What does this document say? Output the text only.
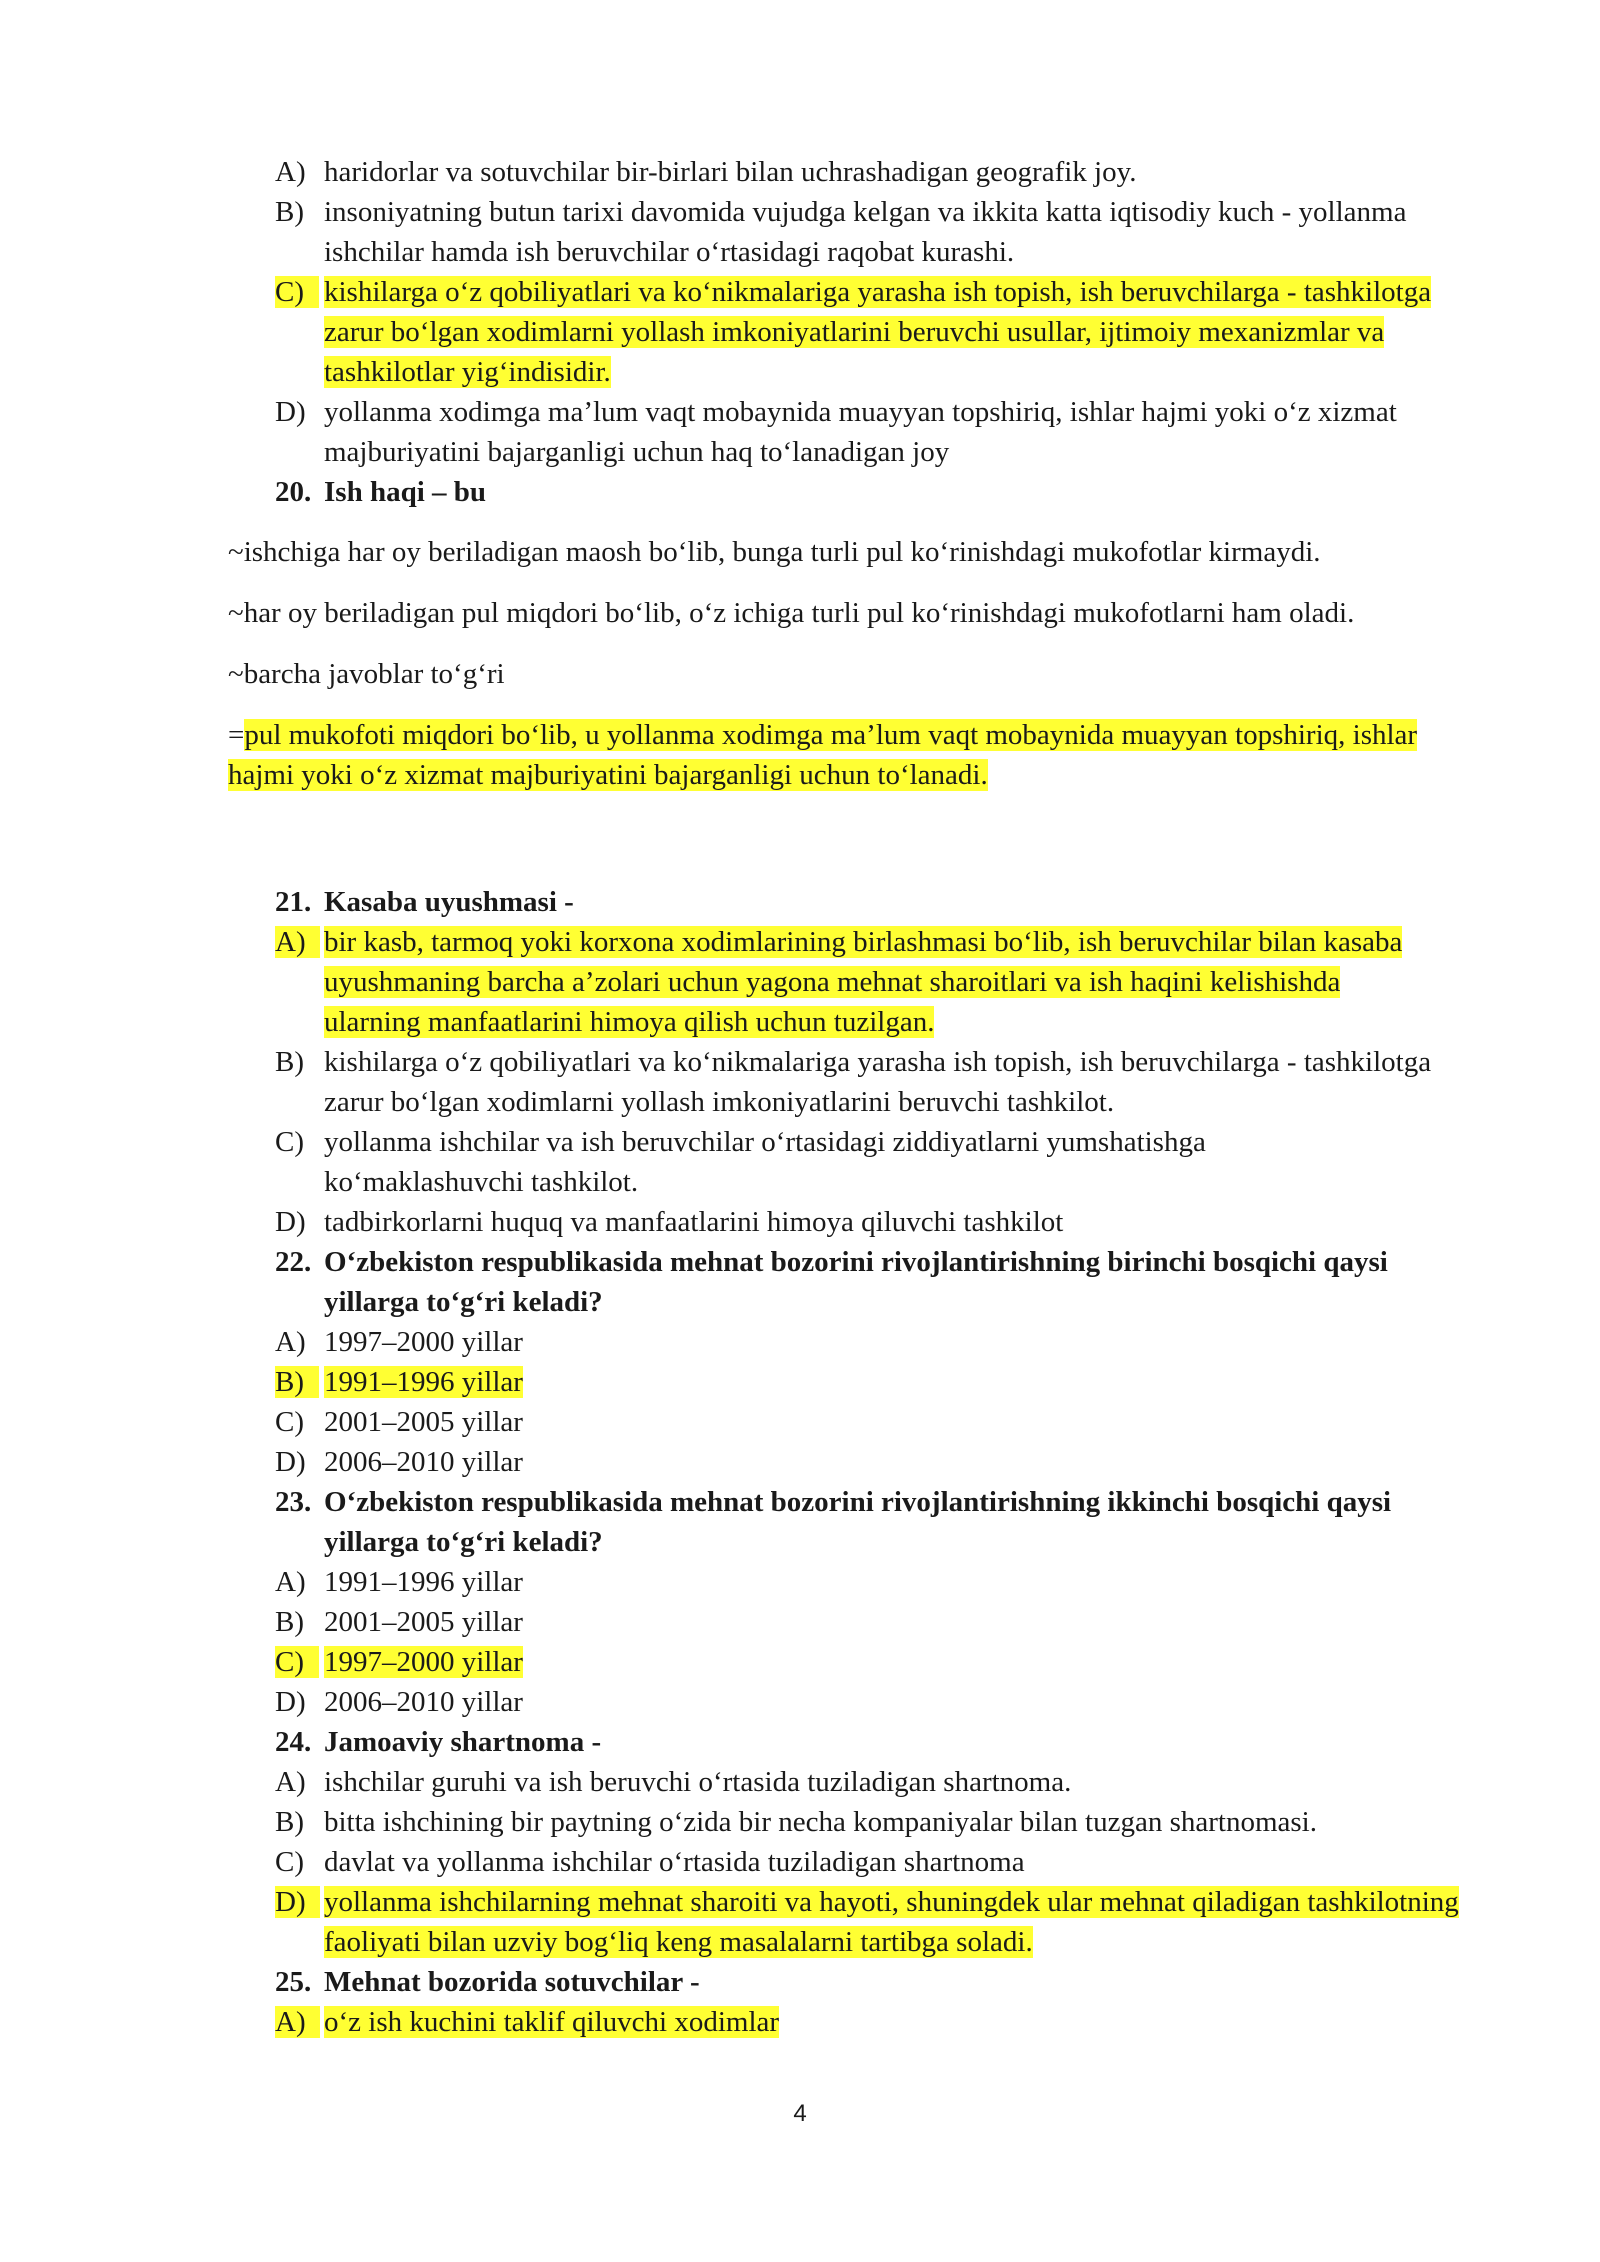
A) haridorlar va sotuvchilar bir-birlari bilan uchrashadigan geografik joy.
B) insoniyatning butun tarixi davomida vujudga kelgan va ikkita katta iqtisodiy kuch - yollanma ishchilar hamda ish beruvchilar oʻrtasidagi raqobat kurashi.
C) kishilarga oʻz qobiliyatlari va koʻnikmalariga yarasha ish topish, ish beruvchilarga - tashkilotga zarur boʻlgan xodimlarni yollash imkoniyatlarini beruvchi usullar, ijtimoiy mexanizmlar va tashkilotlar yigʻindisidir.
D) yollanma xodimga maʼlum vaqt mobaynida muayyan topshiriq, ishlar hajmi yoki oʻz xizmat majburiyatini bajarganligi uchun haq toʻlanadigan joy
20. Ish haqi – bu
~ishchiga har oy beriladigan maosh boʻlib, bunga turli pul koʻrinishdagi mukofotlar kirmaydi.
~har oy beriladigan pul miqdori boʻlib, oʻz ichiga turli pul koʻrinishdagi mukofotlarni ham oladi.
~barcha javoblar toʻgʻri
=pul mukofoti miqdori boʻlib, u yollanma xodimga maʼlum vaqt mobaynida muayyan topshiriq, ishlar hajmi yoki oʻz xizmat majburiyatini bajarganligi uchun toʻlanadi.
21. Kasaba uyushmasi -
A) bir kasb, tarmoq yoki korxona xodimlarining birlashmasi boʻlib, ish beruvchilar bilan kasaba uyushmaning barcha aʼzolari uchun yagona mehnat sharoitlari va ish haqini kelishishda ularning manfaatlarini himoya qilish uchun tuzilgan.
B) kishilarga oʻz qobiliyatlari va koʻnikmalariga yarasha ish topish, ish beruvchilarga - tashkilotga zarur boʻlgan xodimlarni yollash imkoniyatlarini beruvchi tashkilot.
C) yollanma ishchilar va ish beruvchilar oʻrtasidagi ziddiyatlarni yumshatishga koʻmaklashuvchi tashkilot.
D) tadbirkorlarni huquq va manfaatlarini himoya qiluvchi tashkilot
22. Oʻzbekiston respublikasida mehnat bozorini rivojlantirishning birinchi bosqichi qaysi yillarga toʻgʻri keladi?
A) 1997–2000 yillar
B) 1991–1996 yillar
C) 2001–2005 yillar
D) 2006–2010 yillar
23. Oʻzbekiston respublikasida mehnat bozorini rivojlantirishning ikkinchi bosqichi qaysi yillarga toʻgʻri keladi?
A) 1991–1996 yillar
B) 2001–2005 yillar
C) 1997–2000 yillar
D) 2006–2010 yillar
24. Jamoaviy shartnoma -
A) ishchilar guruhi va ish beruvchi oʻrtasida tuziladigan shartnoma.
B) bitta ishchining bir paytning oʻzida bir necha kompaniyalar bilan tuzgan shartnomasi.
C) davlat va yollanma ishchilar oʻrtasida tuziladigan shartnoma
D) yollanma ishchilarning mehnat sharoiti va hayoti, shuningdek ular mehnat qiladigan tashkilotning faoliyati bilan uzviy bogʻliq keng masalalarni tartibga soladi.
25. Mehnat bozorida sotuvchilar -
A) oʻz ish kuchini taklif qiluvchi xodimlar
4
